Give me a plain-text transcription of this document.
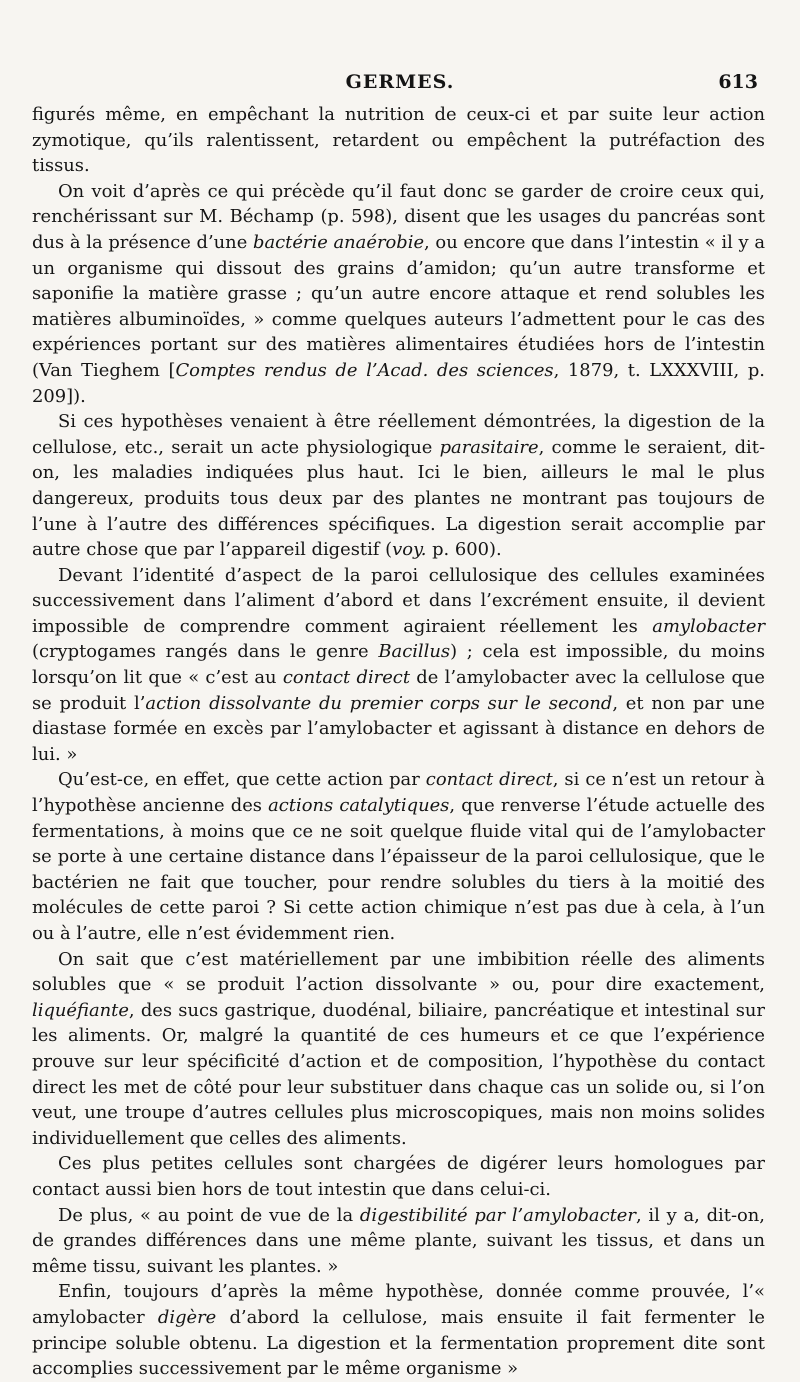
GERMES.	613

figurés même, en empêchant la nutrition de ceux-ci et par suite leur action zymotique, qu’ils ralentissent, retardent ou empêchent la putréfaction des tissus.

On voit d’après ce qui précède qu’il faut donc se garder de croire ceux qui, renchérissant sur M. Béchamp (p. 598), disent que les usages du pancréas sont dus à la présence d’une bactérie anaérobie, ou encore que dans l’intestin « il y a un organisme qui dissout des grains d’amidon; qu’un autre transforme et saponifie la matière grasse ; qu’un autre encore attaque et rend solubles les matières albuminoïdes, » comme quelques auteurs l’admettent pour le cas des expériences portant sur des matières alimentaires étudiées hors de l’intestin (Van Tieghem [Comptes rendus de l’Acad. des sciences, 1879, t. LXXXVIII, p. 209]).

Si ces hypothèses venaient à être réellement démontrées, la digestion de la cellulose, etc., serait un acte physiologique parasitaire, comme le seraient, dit-on, les maladies indiquées plus haut. Ici le bien, ailleurs le mal le plus dangereux, produits tous deux par des plantes ne montrant pas toujours de l’une à l’autre des différences spécifiques. La digestion serait accomplie par autre chose que par l’appareil digestif (voy. p. 600).

Devant l’identité d’aspect de la paroi cellulosique des cellules examinées successivement dans l’aliment d’abord et dans l’excrément ensuite, il devient impossible de comprendre comment agiraient réellement les amylobacter (cryptogames rangés dans le genre Bacillus) ; cela est impossible, du moins lorsqu’on lit que « c’est au contact direct de l’amylobacter avec la cellulose que se produit l’action dissolvante du premier corps sur le second, et non par une diastase formée en excès par l’amylobacter et agissant à distance en dehors de lui. »

Qu’est-ce, en effet, que cette action par contact direct, si ce n’est un retour à l’hypothèse ancienne des actions catalytiques, que renverse l’étude actuelle des fermentations, à moins que ce ne soit quelque fluide vital qui de l’amylobacter se porte à une certaine distance dans l’épaisseur de la paroi cellulosique, que le bactérien ne fait que toucher, pour rendre solubles du tiers à la moitié des molécules de cette paroi ? Si cette action chimique n’est pas due à cela, à l’un ou à l’autre, elle n’est évidemment rien.

On sait que c’est matériellement par une imbibition réelle des aliments solubles que « se produit l’action dissolvante » ou, pour dire exactement, liquéfiante, des sucs gastrique, duodénal, biliaire, pancréatique et intestinal sur les aliments. Or, malgré la quantité de ces humeurs et ce que l’expérience prouve sur leur spécificité d’action et de composition, l’hypothèse du contact direct les met de côté pour leur substituer dans chaque cas un solide ou, si l’on veut, une troupe d’autres cellules plus microscopiques, mais non moins solides individuellement que celles des aliments.

Ces plus petites cellules sont chargées de digérer leurs homologues par contact aussi bien hors de tout intestin que dans celui-ci.

De plus, « au point de vue de la digestibilité par l’amylobacter, il y a, dit-on, de grandes différences dans une même plante, suivant les tissus, et dans un même tissu, suivant les plantes. »

Enfin, toujours d’après la même hypothèse, donnée comme prouvée, l’« amylobacter digère d’abord la cellulose, mais ensuite il fait fermenter le principe soluble obtenu. La digestion et la fermentation proprement dite sont accomplies successivement par le même organisme »
